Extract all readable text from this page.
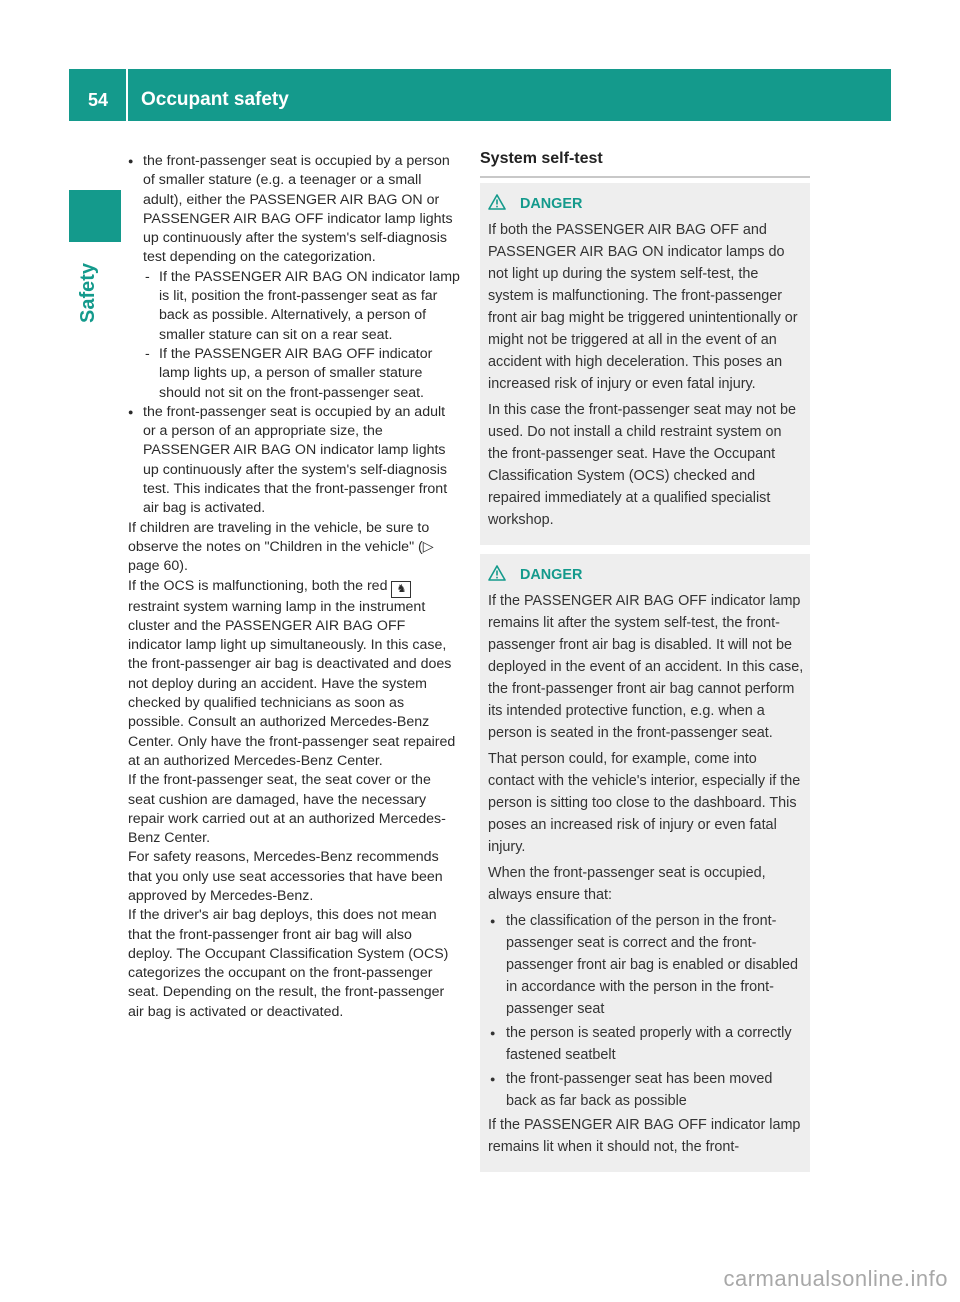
54	Occupant safety
Safety

● the front-passenger seat is occupied by a person of smaller stature (e.g. a teenager or a small adult), either the PASSENGER AIR BAG ON or PASSENGER AIR BAG OFF indicator lamp lights up continuously after the system's self-diagnosis test depending on the categorization.

- If the PASSENGER AIR BAG ON indicator lamp is lit, position the front-passenger seat as far back as possible. Alternatively, a person of smaller stature can sit on a rear seat.

- If the PASSENGER AIR BAG OFF indicator lamp lights up, a person of smaller stature should not sit on the front-passenger seat.

● the front-passenger seat is occupied by an adult or a person of an appropriate size, the PASSENGER AIR BAG ON indicator lamp lights up continuously after the system's self-diagnosis test. This indicates that the front-passenger front air bag is activated.

If children are traveling in the vehicle, be sure to observe the notes on "Children in the vehicle" (▷ page 60).

If the OCS is malfunctioning, both the red ♞ restraint system warning lamp in the instrument cluster and the PASSENGER AIR BAG OFF indicator lamp light up simultaneously. In this case, the front-passenger air bag is deactivated and does not deploy during an accident. Have the system checked by qualified technicians as soon as possible. Consult an authorized Mercedes-Benz Center. Only have the front-passenger seat repaired at an authorized Mercedes-Benz Center.

If the front-passenger seat, the seat cover or the seat cushion are damaged, have the necessary repair work carried out at an authorized Mercedes-Benz Center.

For safety reasons, Mercedes-Benz recommends that you only use seat accessories that have been approved by Mercedes-Benz.

If the driver's air bag deploys, this does not mean that the front-passenger front air bag will also deploy. The Occupant Classification System (OCS) categorizes the occupant on the front-passenger seat. Depending on the result, the front-passenger air bag is activated or deactivated.

System self-test

DANGER

If both the PASSENGER AIR BAG OFF and PASSENGER AIR BAG ON indicator lamps do not light up during the system self-test, the system is malfunctioning. The front-passenger front air bag might be triggered unintentionally or might not be triggered at all in the event of an accident with high deceleration. This poses an increased risk of injury or even fatal injury.

In this case the front-passenger seat may not be used. Do not install a child restraint system on the front-passenger seat. Have the Occupant Classification System (OCS) checked and repaired immediately at a qualified specialist workshop.

DANGER

If the PASSENGER AIR BAG OFF indicator lamp remains lit after the system self-test, the front-passenger front air bag is disabled. It will not be deployed in the event of an accident. In this case, the front-passenger front air bag cannot perform its intended protective function, e.g. when a person is seated in the front-passenger seat.

That person could, for example, come into contact with the vehicle's interior, especially if the person is sitting too close to the dashboard. This poses an increased risk of injury or even fatal injury.

When the front-passenger seat is occupied, always ensure that:

● the classification of the person in the front-passenger seat is correct and the front-passenger front air bag is enabled or disabled in accordance with the person in the front-passenger seat

● the person is seated properly with a correctly fastened seatbelt

● the front-passenger seat has been moved back as far back as possible

If the PASSENGER AIR BAG OFF indicator lamp remains lit when it should not, the front-

carmanualsonline.info
